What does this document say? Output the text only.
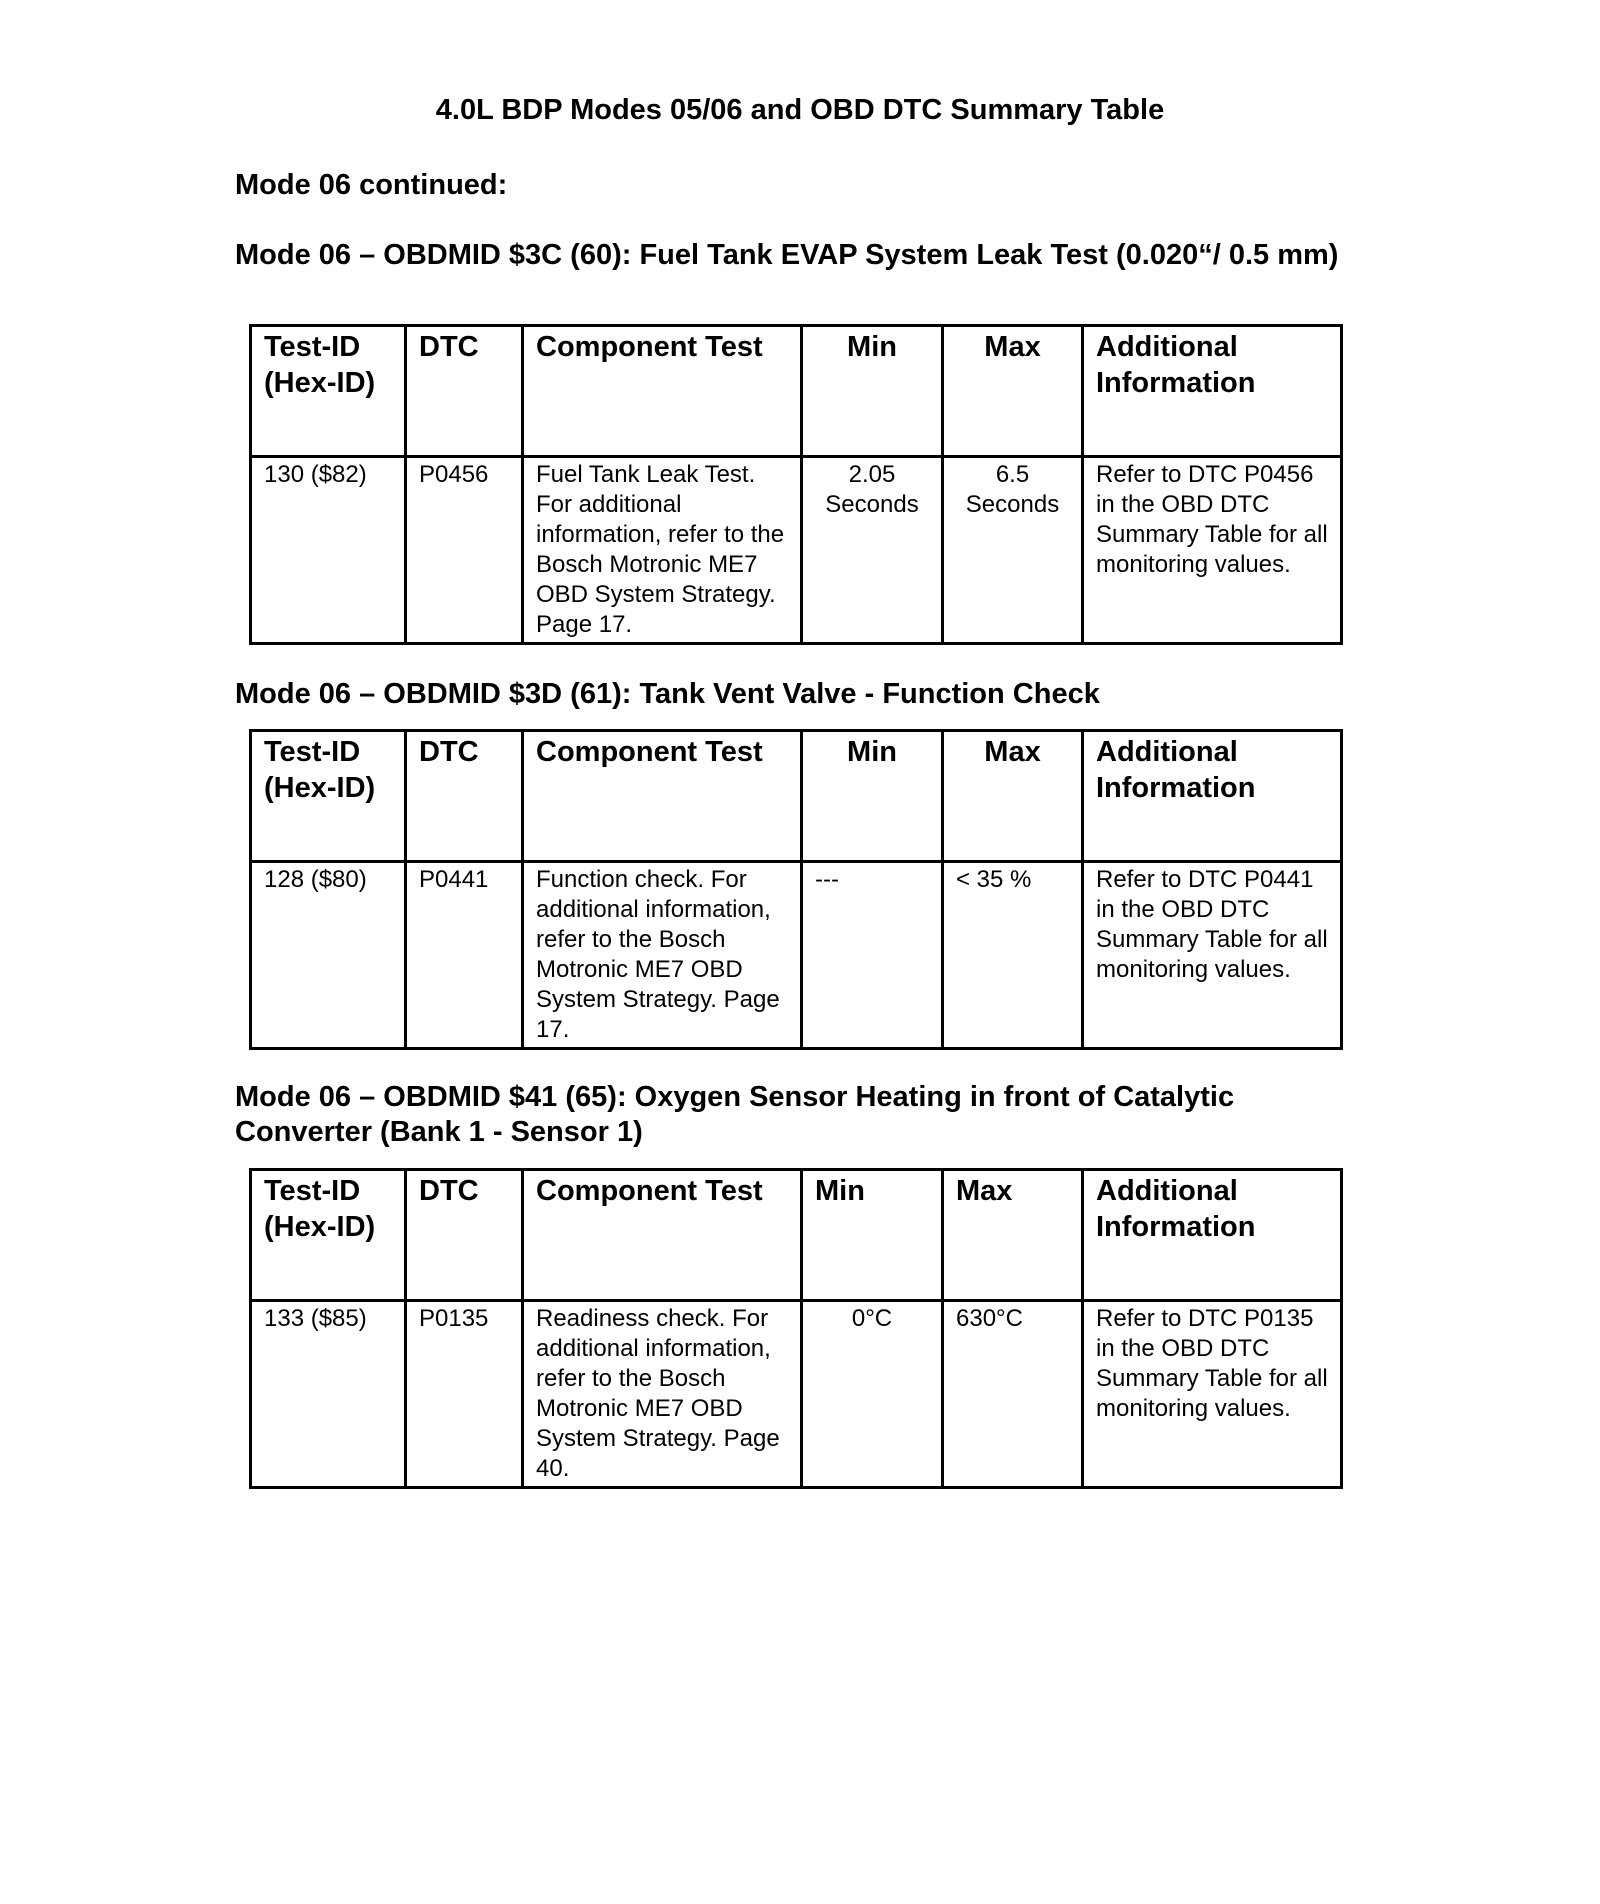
4.0L BDP Modes 05/06 and OBD DTC Summary Table
Mode 06 continued:
Mode 06 – OBDMID $3C (60): Fuel Tank EVAP System Leak Test (0.020“/ 0.5 mm)
Test-ID (Hex-ID)	DTC	Component Test	Min	Max	Additional Information
130 ($82)	P0456	Fuel Tank Leak Test. For additional information, refer to the Bosch Motronic ME7 OBD System Strategy. Page 17.	2.05 Seconds	6.5 Seconds	Refer to DTC P0456 in the OBD DTC Summary Table for all monitoring values.
Mode 06 – OBDMID $3D (61): Tank Vent Valve - Function Check
Test-ID (Hex-ID)	DTC	Component Test	Min	Max	Additional Information
128 ($80)	P0441	Function check. For additional information, refer to the Bosch Motronic ME7 OBD System Strategy. Page 17.	---	< 35 %	Refer to DTC P0441 in the OBD DTC Summary Table for all monitoring values.
Mode 06 – OBDMID $41 (65): Oxygen Sensor Heating in front of Catalytic Converter (Bank 1 - Sensor 1)
Test-ID (Hex-ID)	DTC	Component Test	Min	Max	Additional Information
133 ($85)	P0135	Readiness check. For additional information, refer to the Bosch Motronic ME7 OBD System Strategy. Page 40.	0°C	630°C	Refer to DTC P0135 in the OBD DTC Summary Table for all monitoring values.
